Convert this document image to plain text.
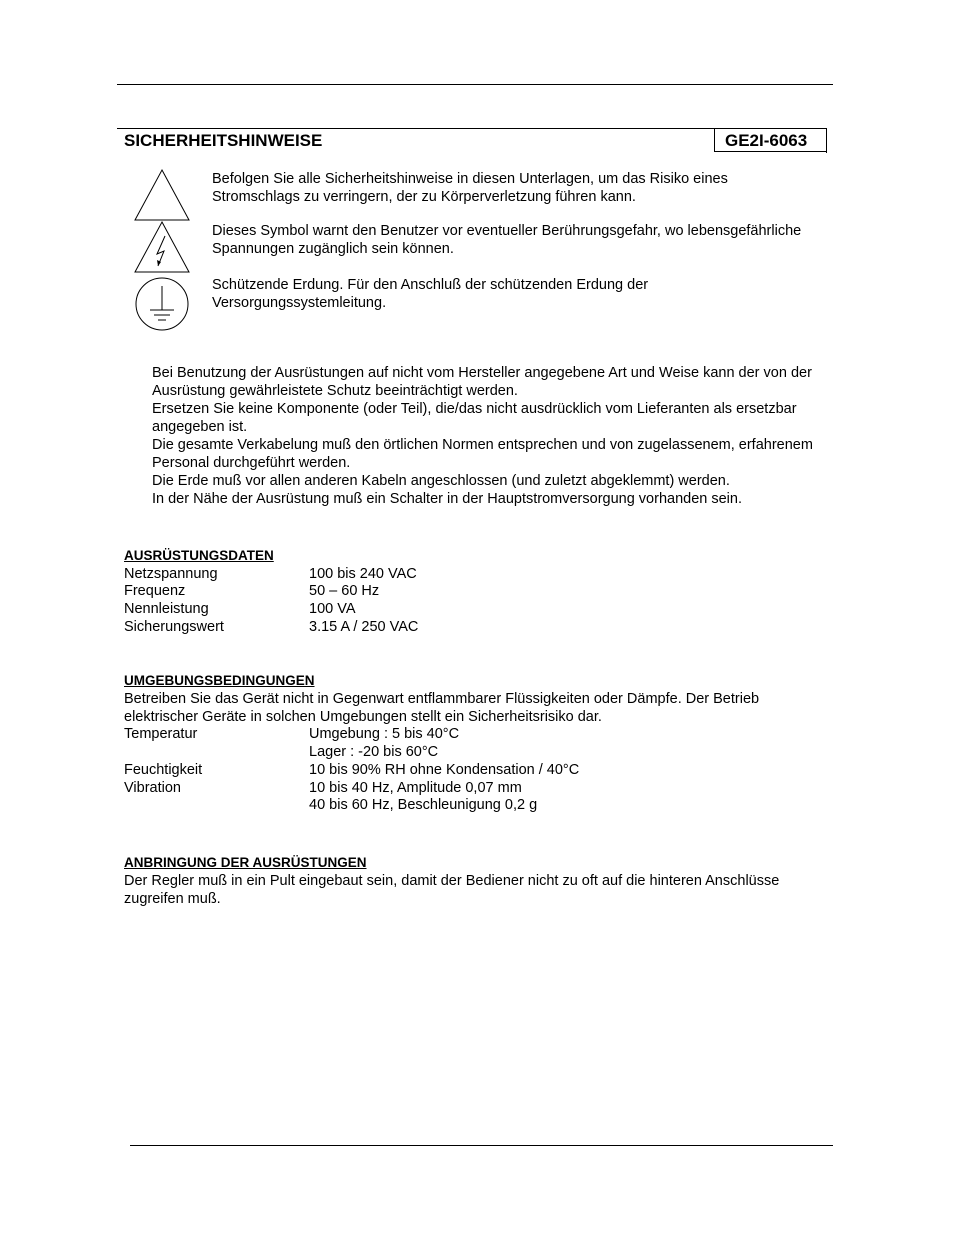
SICHERHEITSHINWEISE	GE2I-6063
Befolgen Sie alle Sicherheitshinweise in diesen Unterlagen, um das Risiko eines Stromschlags zu verringern, der zu Körperverletzung führen kann.
Dieses Symbol warnt den Benutzer vor eventueller Berührungsgefahr, wo lebensgefährliche Spannungen zugänglich sein können.
Schützende Erdung. Für den Anschluß der schützenden Erdung der Versorgungssystemleitung.

Bei Benutzung der Ausrüstungen auf nicht vom Hersteller angegebene Art und Weise kann der von der Ausrüstung gewährleistete Schutz beeinträchtigt werden.

Ersetzen Sie keine Komponente (oder Teil), die/das nicht ausdrücklich vom Lieferanten als ersetzbar angegeben ist.

Die gesamte Verkabelung muß den örtlichen Normen entsprechen und von zugelassenem, erfahrenem Personal durchgeführt werden.

Die Erde muß vor allen anderen Kabeln angeschlossen (und zuletzt abgeklemmt) werden.

In der Nähe der Ausrüstung muß ein Schalter in der Hauptstromversorgung vorhanden sein.

AUSRÜSTUNGSDATEN
Netzspannung	100 bis 240 VAC
Frequenz	50 – 60 Hz
Nennleistung	100 VA
Sicherungswert	3.15 A / 250 VAC
UMGEBUNGSBEDINGUNGEN

Betreiben Sie das Gerät nicht in Gegenwart entflammbarer Flüssigkeiten oder Dämpfe. Der Betrieb elektrischer Geräte in solchen Umgebungen stellt ein Sicherheitsrisiko dar.

Temperatur	Umgebung : 5 bis 40°C
Lager : -20 bis 60°C
Feuchtigkeit	10 bis 90% RH ohne Kondensation / 40°C
Vibration	10 bis 40 Hz, Amplitude 0,07 mm
40 bis 60 Hz, Beschleunigung 0,2 g
ANBRINGUNG DER AUSRÜSTUNGEN

Der Regler muß in ein Pult eingebaut sein, damit der Bediener nicht zu oft auf die hinteren Anschlüsse zugreifen muß.
